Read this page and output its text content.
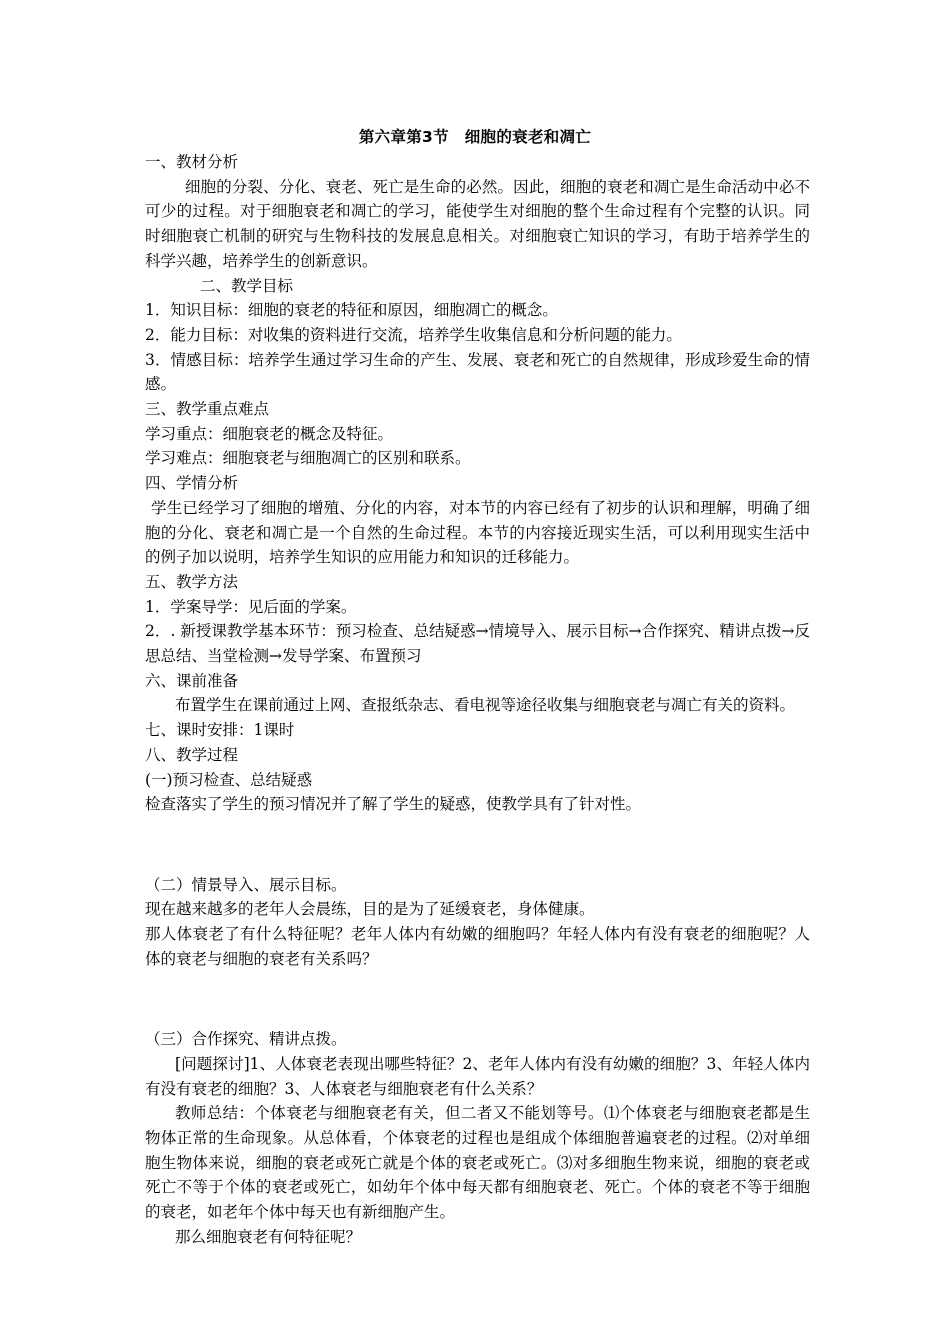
第六章第3节　细胞的衰老和凋亡

一、教材分析

细胞的分裂、分化、衰老、死亡是生命的必然。因此，细胞的衰老和凋亡是生命活动中必不可少的过程。对于细胞衰老和凋亡的学习，能使学生对细胞的整个生命过程有个完整的认识。同时细胞衰亡机制的研究与生物科技的发展息息相关。对细胞衰亡知识的学习，有助于培养学生的科学兴趣，培养学生的创新意识。

二、教学目标

1．知识目标：细胞的衰老的特征和原因，细胞凋亡的概念。

2．能力目标：对收集的资料进行交流，培养学生收集信息和分析问题的能力。

3．情感目标：培养学生通过学习生命的产生、发展、衰老和死亡的自然规律，形成珍爱生命的情感。

三、教学重点难点

学习重点：细胞衰老的概念及特征。

学习难点：细胞衰老与细胞凋亡的区别和联系。

四、学情分析

学生已经学习了细胞的增殖、分化的内容，对本节的内容已经有了初步的认识和理解，明确了细胞的分化、衰老和凋亡是一个自然的生命过程。本节的内容接近现实生活，可以利用现实生活中的例子加以说明，培养学生知识的应用能力和知识的迁移能力。

五、教学方法

1．学案导学：见后面的学案。

2．. 新授课教学基本环节：预习检查、总结疑惑→情境导入、展示目标→合作探究、精讲点拨→反思总结、当堂检测→发导学案、布置预习

六、课前准备

布置学生在课前通过上网、查报纸杂志、看电视等途径收集与细胞衰老与凋亡有关的资料。

七、课时安排：1课时

八、教学过程

(一)预习检查、总结疑惑

检查落实了学生的预习情况并了解了学生的疑惑，使教学具有了针对性。

（二）情景导入、展示目标。

现在越来越多的老年人会晨练，目的是为了延缓衰老，身体健康。

那人体衰老了有什么特征呢？老年人体内有幼嫩的细胞吗？年轻人体内有没有衰老的细胞呢？人体的衰老与细胞的衰老有关系吗？

（三）合作探究、精讲点拨。

[问题探讨]1、人体衰老表现出哪些特征？2、老年人体内有没有幼嫩的细胞？3、年轻人体内有没有衰老的细胞？3、人体衰老与细胞衰老有什么关系？

教师总结：个体衰老与细胞衰老有关，但二者又不能划等号。⑴个体衰老与细胞衰老都是生物体正常的生命现象。从总体看，个体衰老的过程也是组成个体细胞普遍衰老的过程。⑵对单细胞生物体来说，细胞的衰老或死亡就是个体的衰老或死亡。⑶对多细胞生物来说，细胞的衰老或死亡不等于个体的衰老或死亡，如幼年个体中每天都有细胞衰老、死亡。个体的衰老不等于细胞的衰老，如老年个体中每天也有新细胞产生。

那么细胞衰老有何特征呢？
